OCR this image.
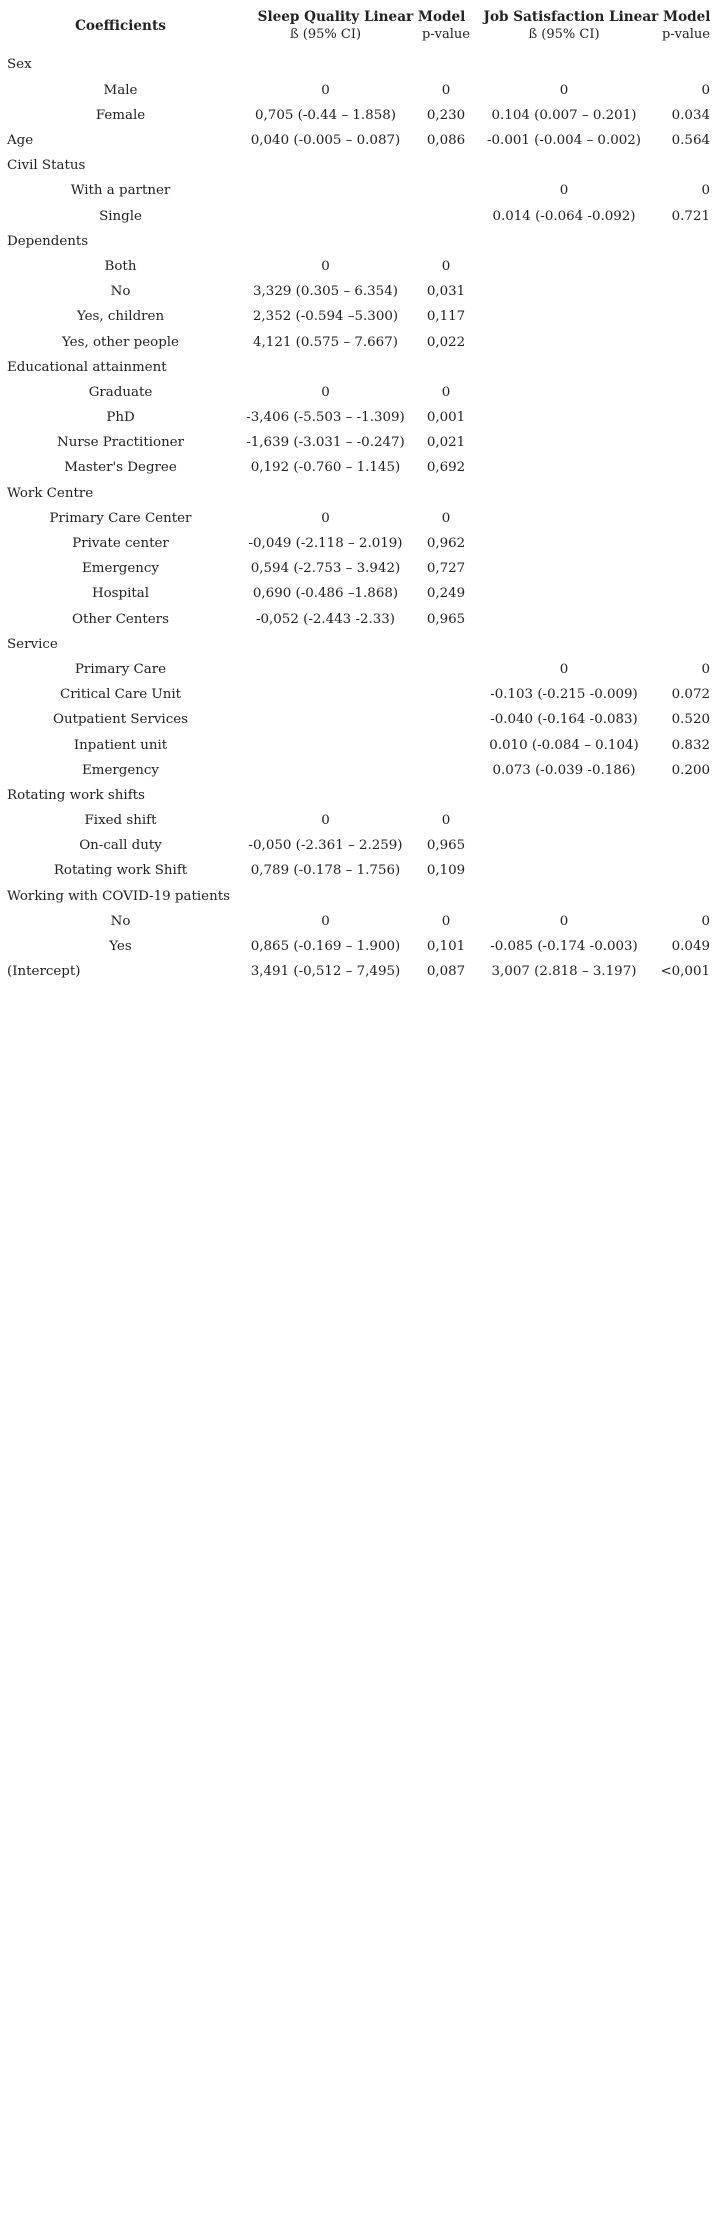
Coefficients	Sleep Quality Linear Model		Job Satisfaction Linear Model	
	ß (95% CI)	p-value	ß (95% CI)	p-value
Sex				
Male	0	0	0	0
Female	0,705 (-0.44 – 1.858)	0,230	0.104 (0.007 – 0.201)	0.034
Age	0,040 (-0.005 – 0.087)	0,086	-0.001 (-0.004 – 0.002)	0.564
Civil Status				
With a partner			0	0
Single			0.014 (-0.064 -0.092)	0.721
Dependents				
Both	0	0		
No	3,329 (0.305 – 6.354)	0,031		
Yes, children	2,352 (-0.594 –5.300)	0,117		
Yes, other people	4,121 (0.575 – 7.667)	0,022		
Educational attainment				
Graduate	0	0		
PhD	-3,406 (-5.503 – -1.309)	0,001		
Nurse Practitioner	-1,639 (-3.031 – -0.247)	0,021		
Master's Degree	0,192 (-0.760 – 1.145)	0,692		
Work Centre				
Primary Care Center	0	0		
Private center	-0,049 (-2.118 – 2.019)	0,962		
Emergency	0,594 (-2.753 – 3.942)	0,727		
Hospital	0,690 (-0.486 –1.868)	0,249		
Other Centers	-0,052 (-2.443 -2.33)	0,965		
Service				
Primary Care			0	0
Critical Care Unit			-0.103 (-0.215 -0.009)	0.072
Outpatient Services			-0.040 (-0.164 -0.083)	0.520
Inpatient unit			0.010 (-0.084 – 0.104)	0.832
Emergency			0.073 (-0.039 -0.186)	0.200
Rotating work shifts				
Fixed shift	0	0		
On-call duty	-0,050 (-2.361 – 2.259)	0,965		
Rotating work Shift	0,789 (-0.178 – 1.756)	0,109		
Working with COVID-19 patients				
No	0	0	0	0
Yes	0,865 (-0.169 – 1.900)	0,101	-0.085 (-0.174 -0.003)	0.049
(Intercept)	3,491 (-0,512 – 7,495)	0,087	3,007 (2.818 – 3.197)	<0,001
